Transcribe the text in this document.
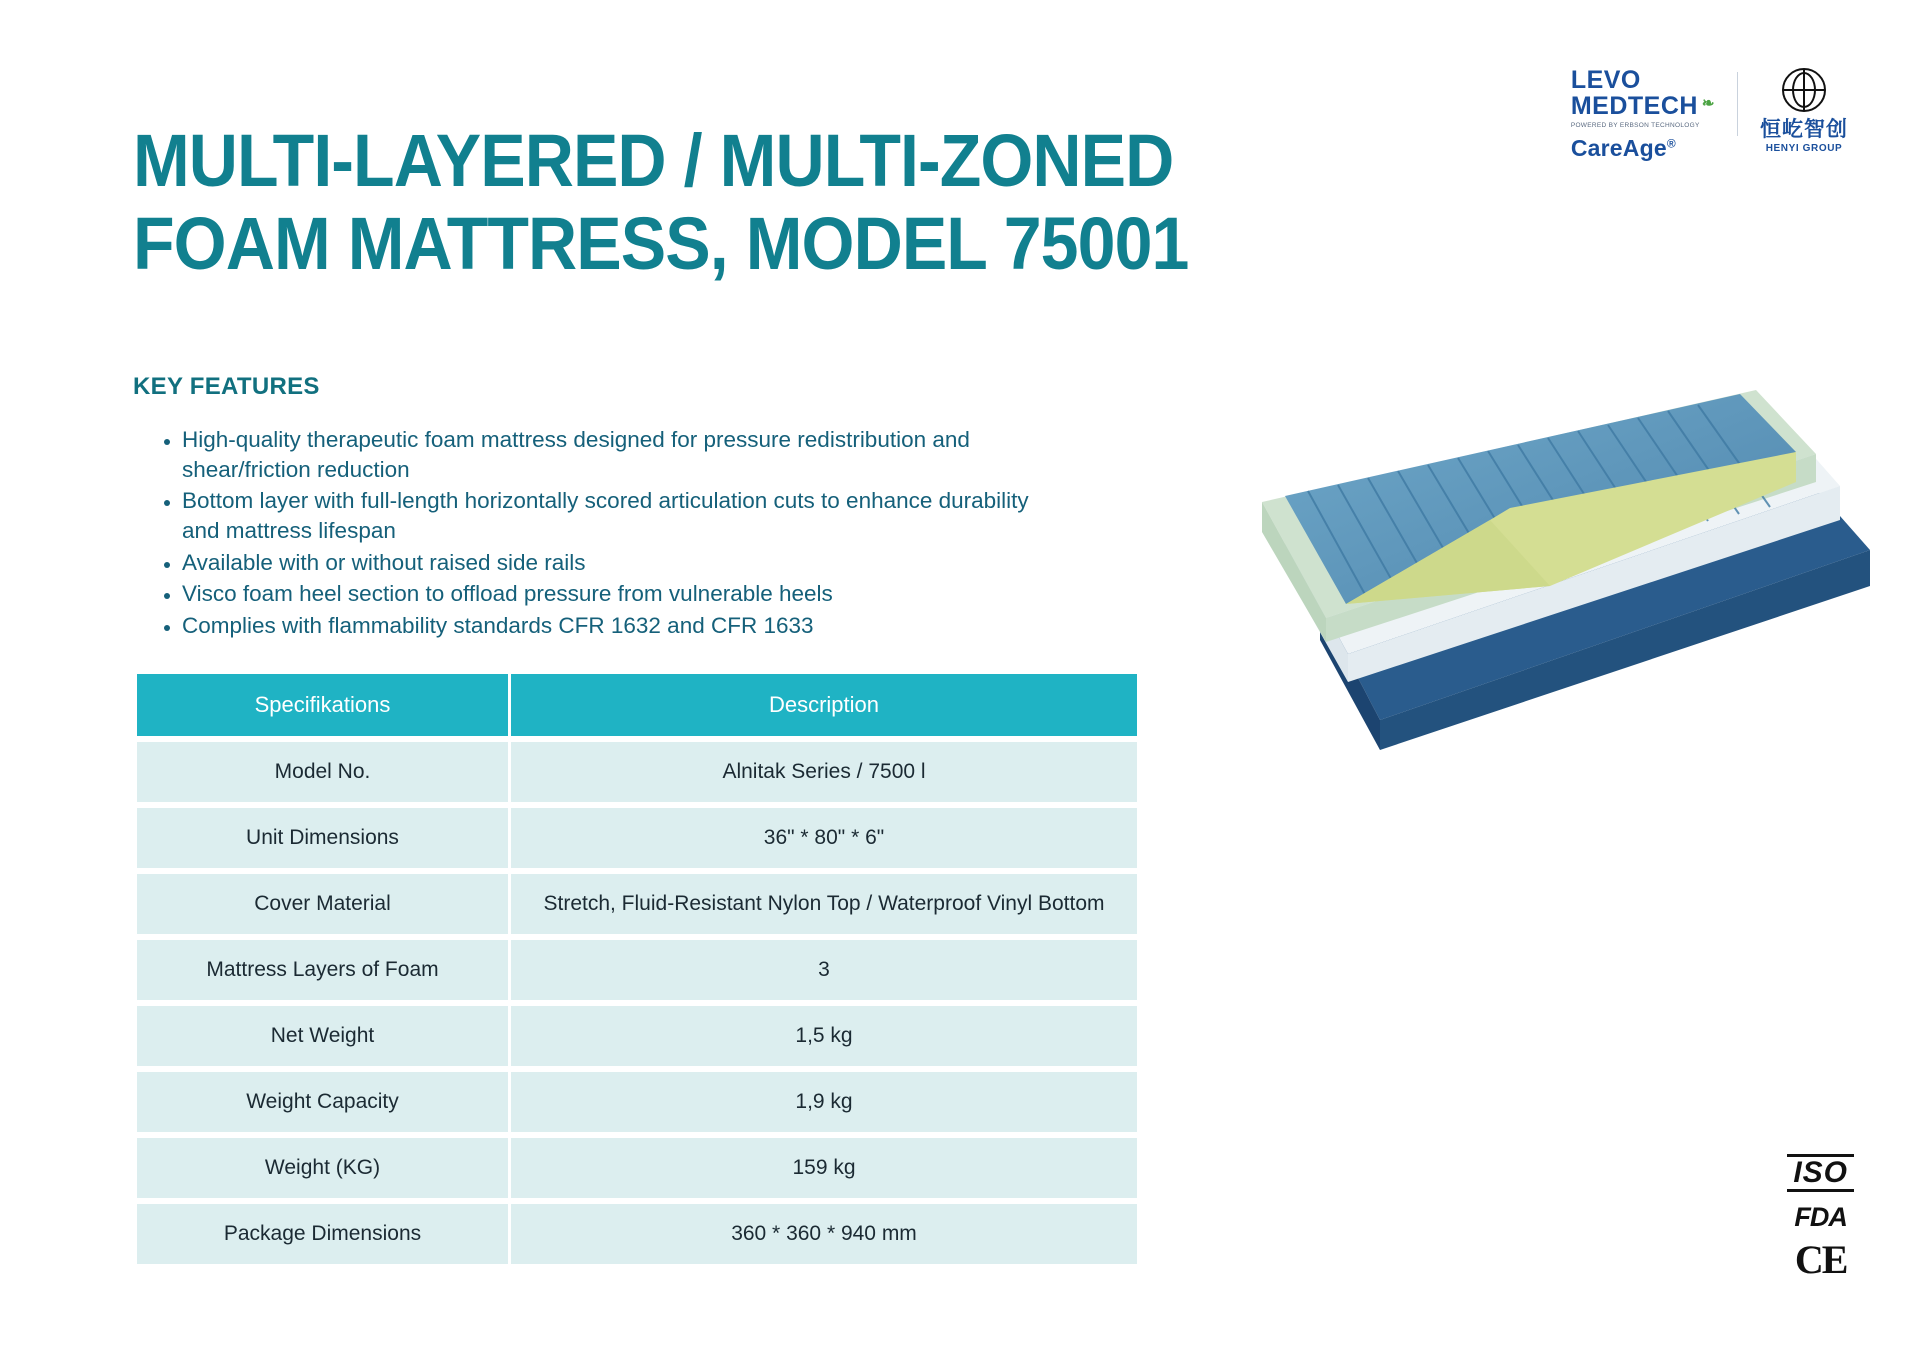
LEVO
MEDTECH ❧
POWERED BY ERBSON TECHNOLOGY
CareAge®
恒屹智创
HENYI GROUP
MULTI-LAYERED / MULTI-ZONED
FOAM MATTRESS, MODEL 75001
KEY FEATURES
• High-quality therapeutic foam mattress designed for pressure redistribution and shear/friction reduction
• Bottom layer with full-length horizontally scored articulation cuts to enhance durability and mattress lifespan
• Available with or without raised side rails
• Visco foam heel section to offload pressure from vulnerable heels
• Complies with flammability standards CFR 1632 and CFR 1633
Specifikations	Description
Model No.	Alnitak Series / 7500 l
Unit Dimensions	36" * 80" * 6"
Cover Material	Stretch, Fluid-Resistant Nylon Top / Waterproof Vinyl Bottom
Mattress Layers of Foam	3
Net Weight	1,5 kg
Weight Capacity	1,9 kg
Weight (KG)	159 kg
Package Dimensions	360 * 360 * 940 mm
ISO
FDA
CE
